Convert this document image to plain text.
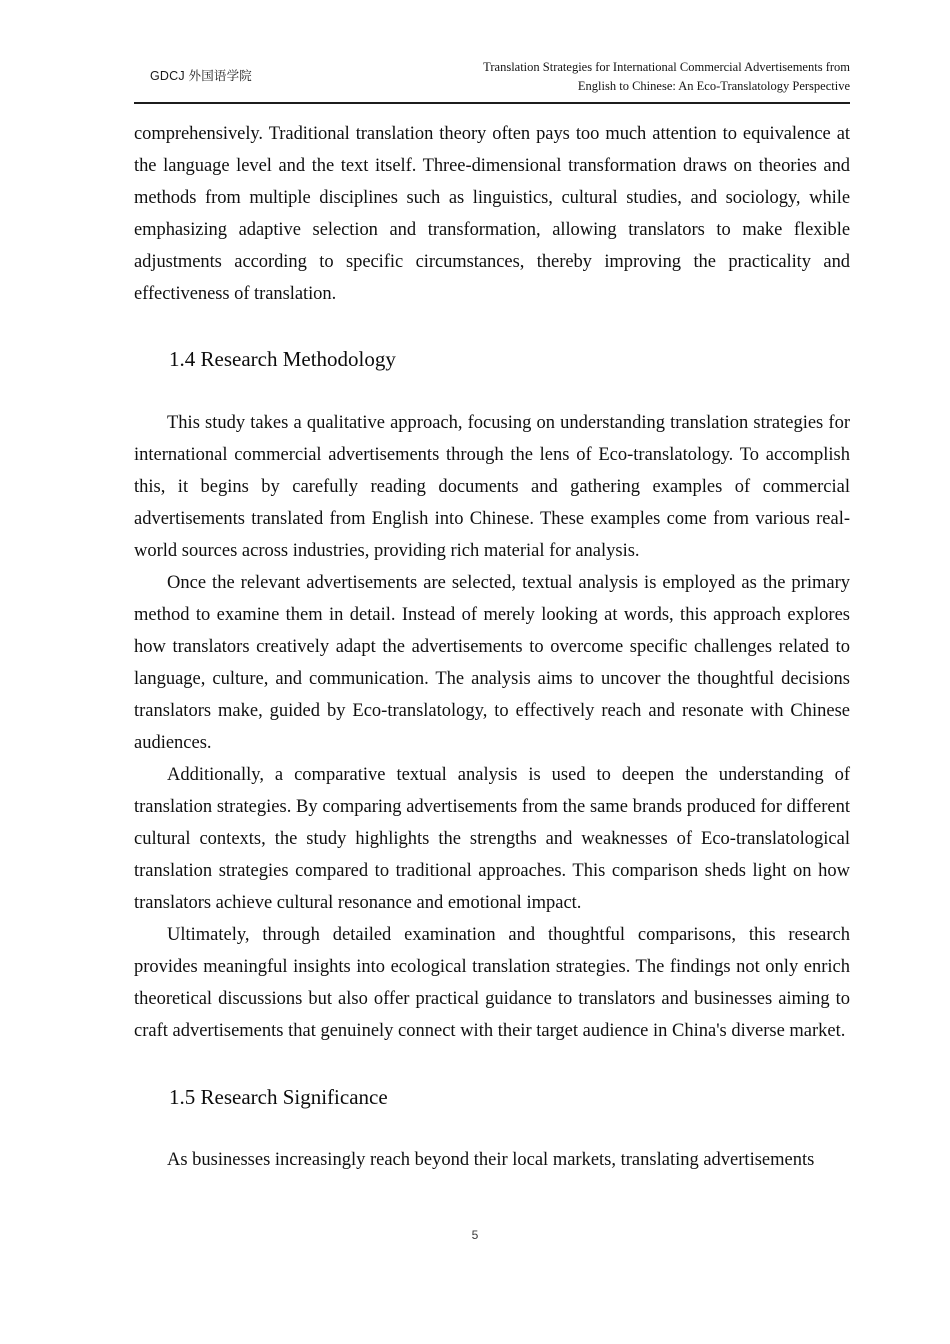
GDCJ 外国语学院
Translation Strategies for International Commercial Advertisements from
English to Chinese: An Eco-Translatology Perspective

comprehensively. Traditional translation theory often pays too much attention to equivalence at the language level and the text itself. Three-dimensional transformation draws on theories and methods from multiple disciplines such as linguistics, cultural studies, and sociology, while emphasizing adaptive selection and transformation, allowing translators to make flexible adjustments according to specific circumstances, thereby improving the practicality and effectiveness of translation.

1.4 Research Methodology

This study takes a qualitative approach, focusing on understanding translation strategies for international commercial advertisements through the lens of Eco-translatology. To accomplish this, it begins by carefully reading documents and gathering examples of commercial advertisements translated from English into Chinese. These examples come from various real-world sources across industries, providing rich material for analysis.

Once the relevant advertisements are selected, textual analysis is employed as the primary method to examine them in detail. Instead of merely looking at words, this approach explores how translators creatively adapt the advertisements to overcome specific challenges related to language, culture, and communication. The analysis aims to uncover the thoughtful decisions translators make, guided by Eco-translatology, to effectively reach and resonate with Chinese audiences.

Additionally, a comparative textual analysis is used to deepen the understanding of translation strategies. By comparing advertisements from the same brands produced for different cultural contexts, the study highlights the strengths and weaknesses of Eco-translatological translation strategies compared to traditional approaches. This comparison sheds light on how translators achieve cultural resonance and emotional impact.

Ultimately, through detailed examination and thoughtful comparisons, this research provides meaningful insights into ecological translation strategies. The findings not only enrich theoretical discussions but also offer practical guidance to translators and businesses aiming to craft advertisements that genuinely connect with their target audience in China's diverse market.

1.5 Research Significance

As businesses increasingly reach beyond their local markets, translating advertisements

5
